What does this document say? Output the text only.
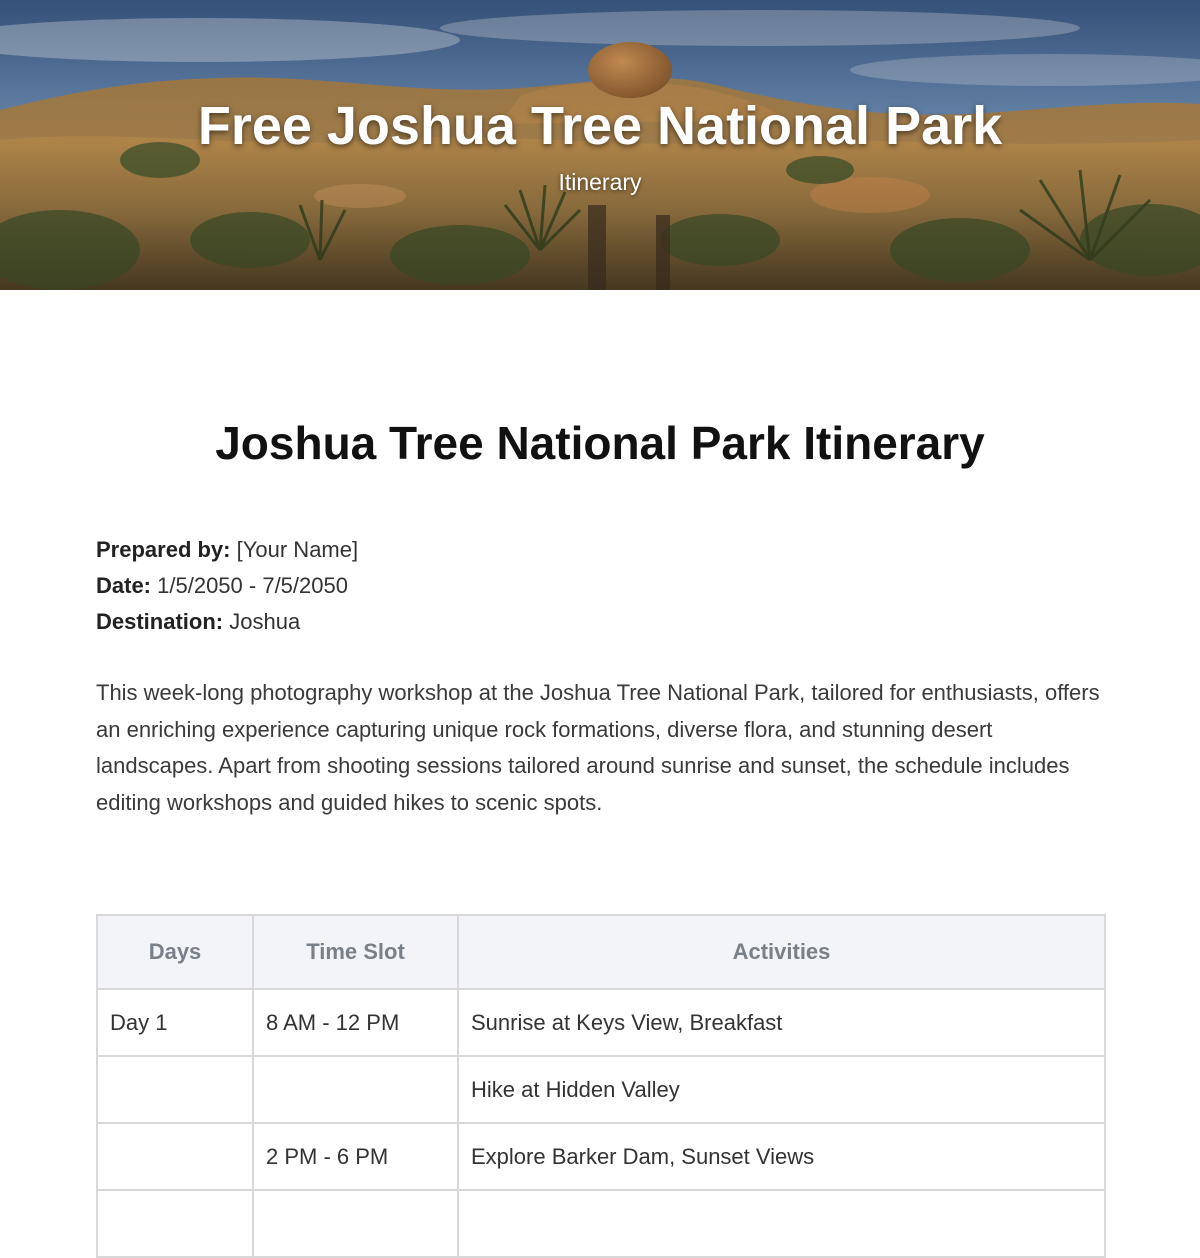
Free Joshua Tree National Park
Itinerary
Joshua Tree National Park Itinerary
Prepared by: [Your Name]
Date: 1/5/2050 - 7/5/2050
Destination: Joshua

This week-long photography workshop at the Joshua Tree National Park, tailored for enthusiasts, offers an enriching experience capturing unique rock formations, diverse flora, and stunning desert landscapes. Apart from shooting sessions tailored around sunrise and sunset, the schedule includes editing workshops and guided hikes to scenic spots.

Days	Time Slot	Activities
Day 1	8 AM - 12 PM	Sunrise at Keys View, Breakfast
		Hike at Hidden Valley
	2 PM - 6 PM	Explore Barker Dam, Sunset Views
